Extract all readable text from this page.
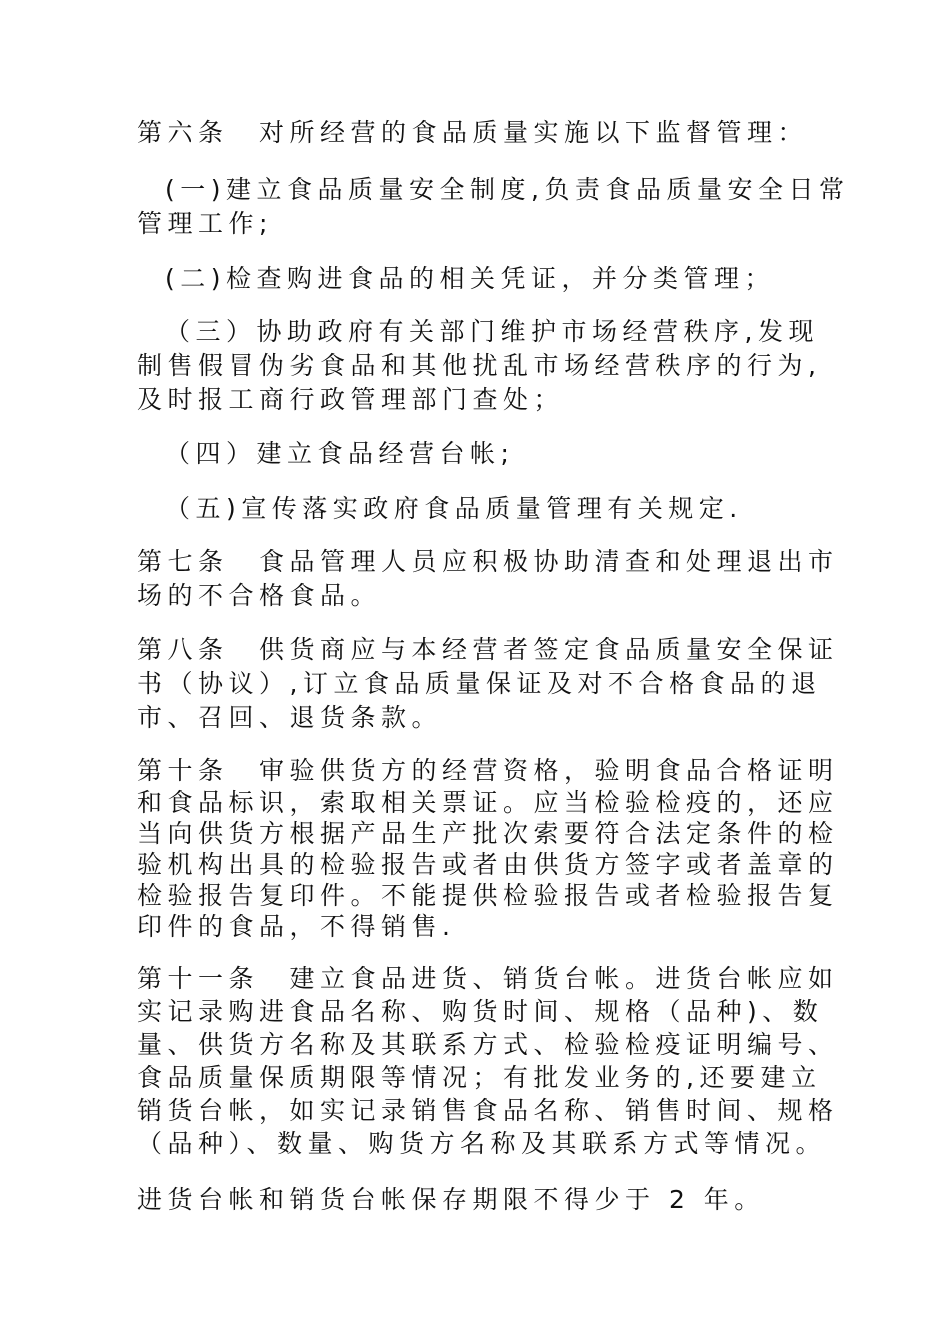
第六条　对所经营的食品质量实施以下监督管理：
(一)建立食品质量安全制度,负责食品质量安全日常
管理工作;
(二)检查购进食品的相关凭证，并分类管理；
（三）协助政府有关部门维护市场经营秩序,发现
制售假冒伪劣食品和其他扰乱市场经营秩序的行为,
及时报工商行政管理部门查处；
（四）建立食品经营台帐;
（五)宣传落实政府食品质量管理有关规定.
第七条　食品管理人员应积极协助清查和处理退出市
场的不合格食品。
第八条　供货商应与本经营者签定食品质量安全保证
书（协议）,订立食品质量保证及对不合格食品的退
市、召回、退货条款。
第十条　审验供货方的经营资格，验明食品合格证明
和食品标识，索取相关票证。应当检验检疫的，还应
当向供货方根据产品生产批次索要符合法定条件的检
验机构出具的检验报告或者由供货方签字或者盖章的
检验报告复印件。不能提供检验报告或者检验报告复
印件的食品，不得销售.
第十一条　建立食品进货、销货台帐。进货台帐应如
实记录购进食品名称、购货时间、规格（品种)、数
量、供货方名称及其联系方式、检验检疫证明编号、
食品质量保质期限等情况；有批发业务的,还要建立
销货台帐，如实记录销售食品名称、销售时间、规格
（品种）、数量、购货方名称及其联系方式等情况。
进货台帐和销货台帐保存期限不得少于 2 年。
